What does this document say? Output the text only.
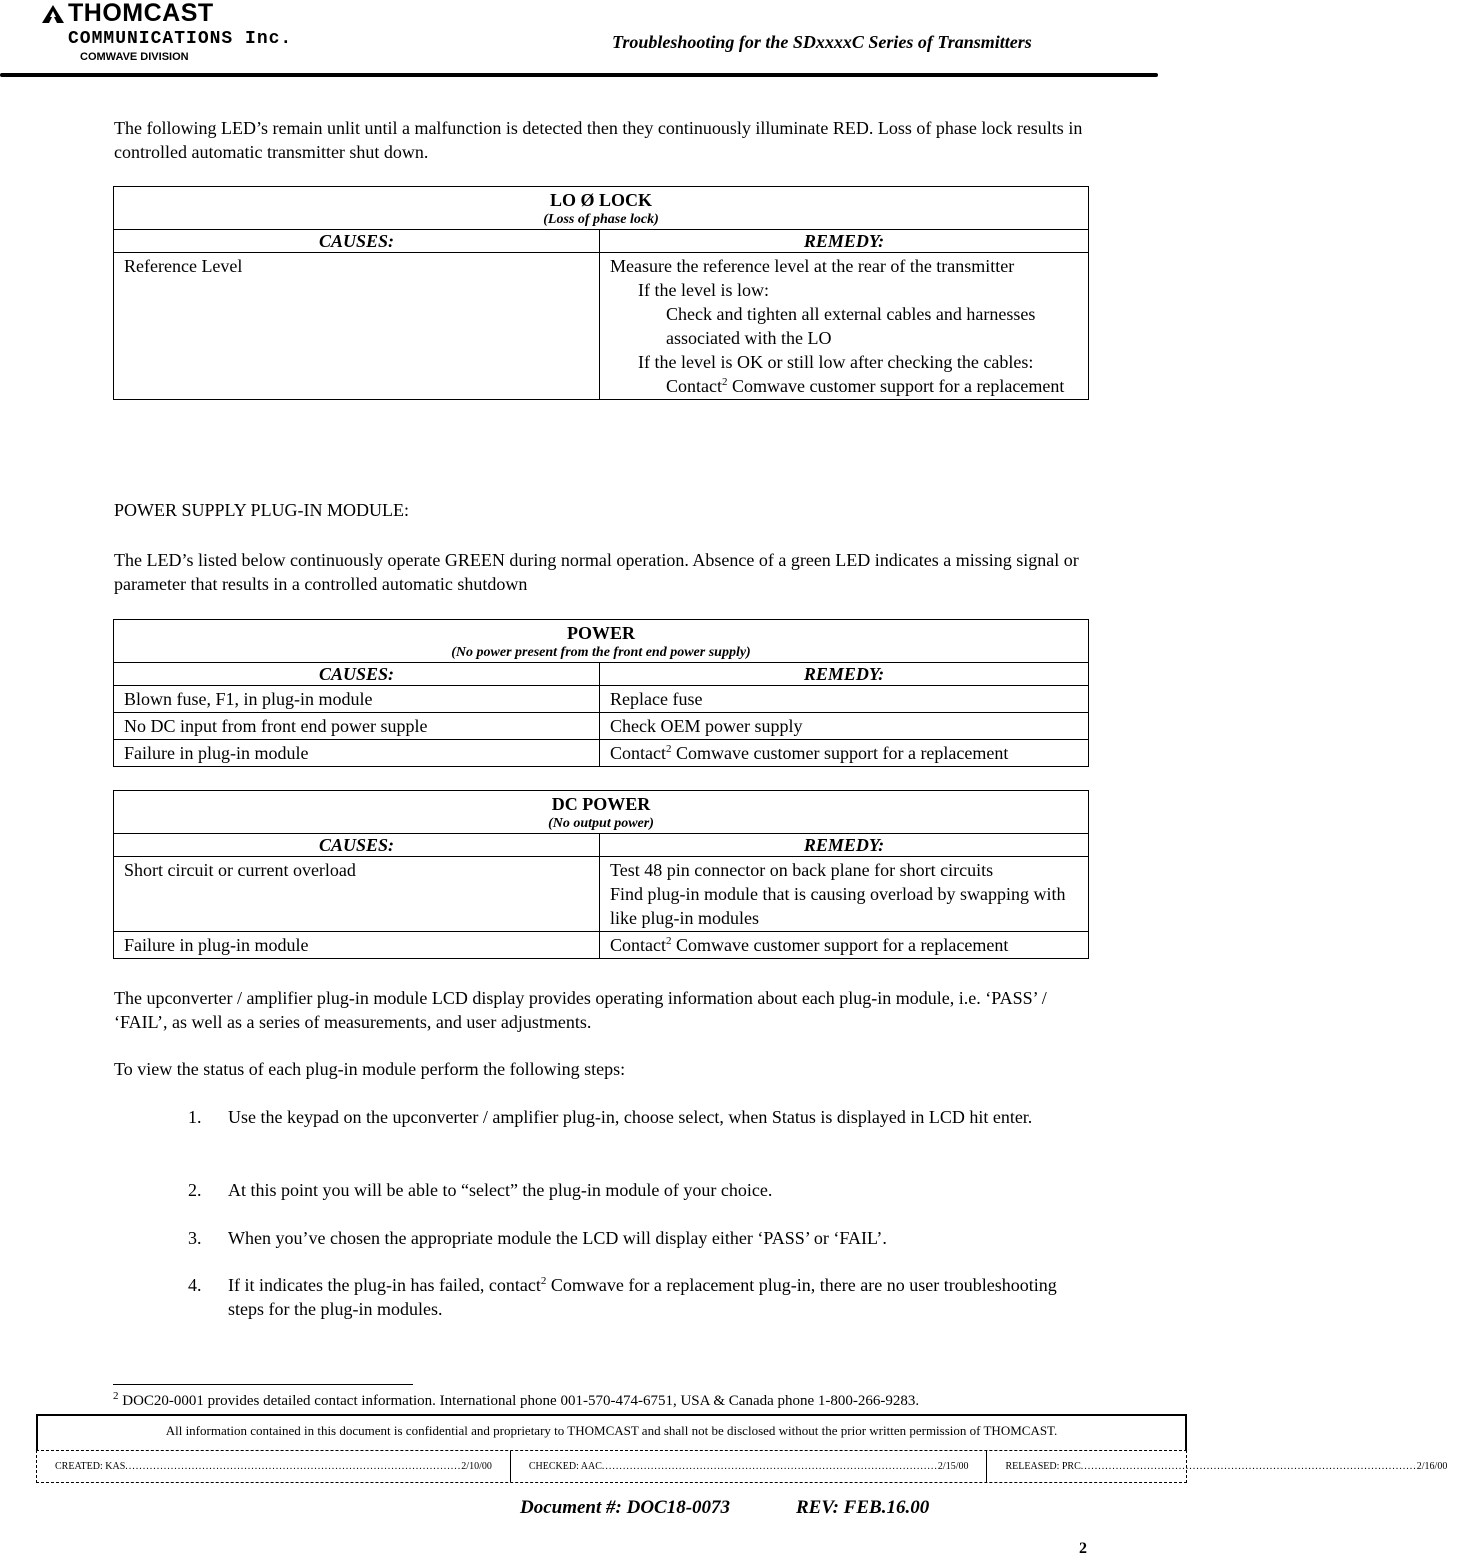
THOMCAST
COMMUNICATIONS Inc.
COMWAVE DIVISION
Troubleshooting for the SDxxxxC Series of Transmitters

The following LED’s remain unlit until a malfunction is detected then they continuously illuminate RED. Loss of phase lock results in controlled automatic transmitter shut down.

LO Ø LOCK
(Loss of phase lock)
CAUSES:	REMEDY:
Reference Level	Measure the reference level at the rear of the transmitter
If the level is low:
Check and tighten all external cables and harnesses associated with the LO
If the level is OK or still low after checking the cables:
Contact$^2$ Comwave customer support for a replacement

POWER SUPPLY PLUG-IN MODULE:

The LED’s listed below continuously operate GREEN during normal operation. Absence of a green LED indicates a missing signal or parameter that results in a controlled automatic shutdown

POWER
(No power present from the front end power supply)
CAUSES:	REMEDY:
Blown fuse, F1, in plug-in module	Replace fuse
No DC input from front end power supple	Check OEM power supply
Failure in plug-in module	Contact$^2$ Comwave customer support for a replacement
DC POWER
(No output power)
CAUSES:	REMEDY:
Short circuit or current overload	Test 48 pin connector on back plane for short circuits
Find plug-in module that is causing overload by swapping with like plug-in modules
Failure in plug-in module	Contact$^2$ Comwave customer support for a replacement

The upconverter / amplifier plug-in module LCD display provides operating information about each plug-in module, i.e. ‘PASS’ / ‘FAIL’, as well as a series of measurements, and user adjustments.

To view the status of each plug-in module perform the following steps:

1. Use the keypad on the upconverter / amplifier plug-in, choose select, when Status is displayed in LCD hit enter.
2. At this point you will be able to “select” the plug-in module of your choice.
3. When you’ve chosen the appropriate module the LCD will display either ‘PASS’ or ‘FAIL’.
4. If it indicates the plug-in has failed, contact$^2$ Comwave for a replacement plug-in, there are no user troubleshooting steps for the plug-in modules.
$^2$ DOC20-0001 provides detailed contact information. International phone 001-570-474-6751, USA & Canada phone 1-800-266-9283.
All information contained in this document is confidential and proprietary to THOMCAST and shall not be disclosed without the prior written permission of THOMCAST.
CREATED: KAS ................................................................................................ 2/10/00	CHECKED: AAC ................................................................................................ 2/15/00	RELEASED: PRC ................................................................................................ 2/16/00
Document #: DOC18-0073	REV: FEB.16.00
2
